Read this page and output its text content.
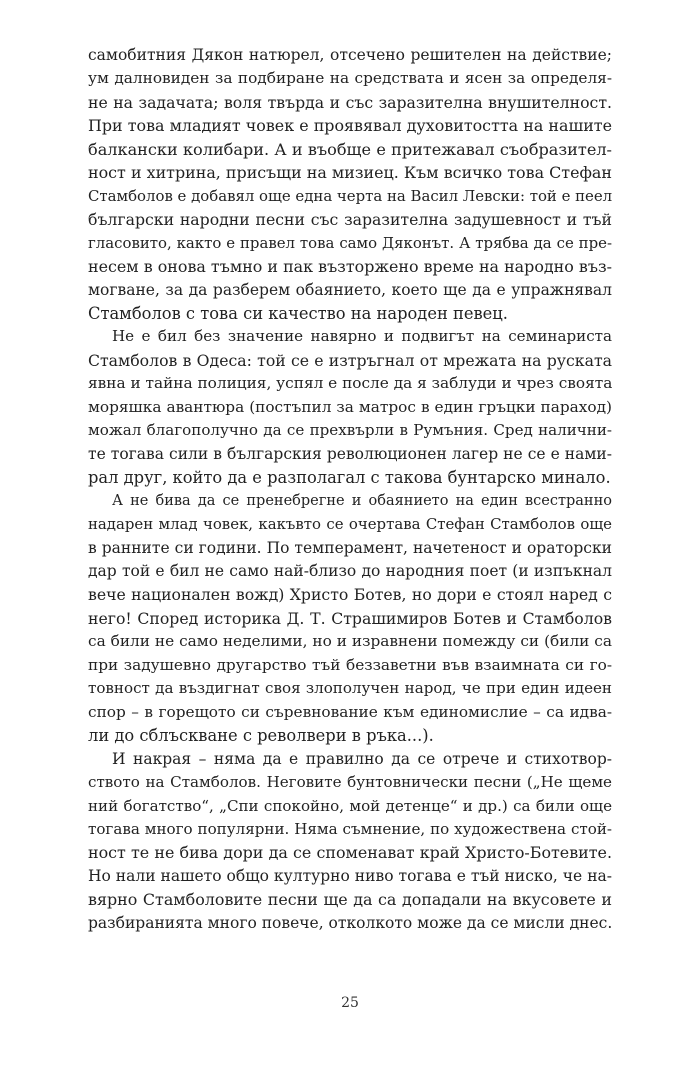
самобитния Дякон натюрел, отсечено решителен на действие;
ум далновиден за подбиране на средствата и ясен за определя-
не на задачата; воля твърда и със заразителна внушителност.
При това младият човек е проявявал духовитостта на нашите
балкански колибари. А и въобще е притежавал съобразител-
ност и хитрина, присъщи на мизиец. Към всичко това Стефан
Стамболов е добавял още една черта на Васил Левски: той е пеел
български народни песни със заразителна задушевност и тъй
гласовито, както е правел това само Дяконът. А трябва да се пре-
несем в онова тъмно и пак възторжено време на народно въз-
могване, за да разберем обаянието, което ще да е упражнявал
Стамболов с това си качество на народен певец.
Не е бил без значение навярно и подвигът на семинариста
Стамболов в Одеса: той се е изтръгнал от мрежата на руската
явна и тайна полиция, успял е после да я заблуди и чрез своята
моряшка авантюра (постъпил за матрос в един гръцки параход)
можал благополучно да се прехвърли в Румъния. Сред налични-
те тогава сили в българския революционен лагер не се е нами-
рал друг, който да е разполагал с такова бунтарско минало.
А не бива да се пренебрегне и обаянието на един всестранно
надарен млад човек, какъвто се очертава Стефан Стамболов още
в ранните си години. По темперамент, начетеност и ораторски
дар той е бил не само най-близо до народния поет (и изпъкнал
вече национален вожд) Христо Ботев, но дори е стоял наред с
него! Според историка Д. Т. Страшимиров Ботев и Стамболов
са били не само неделими, но и изравнени помежду си (били са
при задушевно другарство тъй беззаветни във взаимната си го-
товност да въздигнат своя злополучен народ, че при един идеен
спор – в горещото си съревнование към единомислие – са идва-
ли до сблъскване с револвери в ръка...).
И накрая – няма да е правилно да се отрече и стихотвор-
ството на Стамболов. Неговите бунтовнически песни („Не щеме
ний богатство“, „Спи спокойно, мой детенце“ и др.) са били още
тогава много популярни. Няма съмнение, по художествена стой-
ност те не бива дори да се споменават край Христо-Ботевите.
Но нали нашето общо културно ниво тогава е тъй ниско, че на-
вярно Стамболовите песни ще да са допадали на вкусовете и
разбиранията много повече, отколкото може да се мисли днес.
25
